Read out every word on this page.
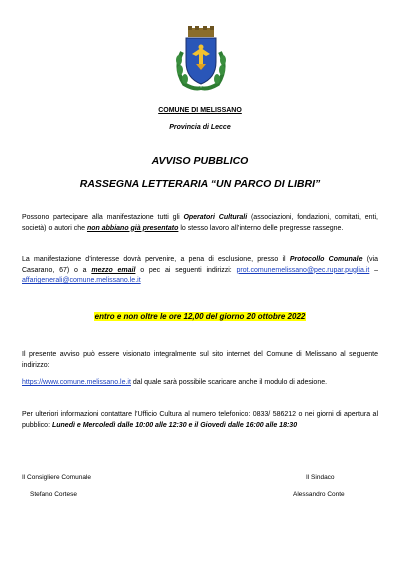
COMUNE DI MELISSANO
Provincia di Lecce
AVVISO PUBBLICO
RASSEGNA LETTERARIA “UN PARCO DI LIBRI”
Possono partecipare alla manifestazione tutti gli Operatori Culturali (associazioni, fondazioni, comitati, enti, società) o autori che non abbiano già presentato lo stesso lavoro all’interno delle pregresse rassegne.
La manifestazione d’interesse dovrà pervenire, a pena di esclusione, presso il Protocollo Comunale (via Casarano, 67) o a mezzo email o pec ai seguenti indirizzi: prot.comunemelissano@pec.rupar.puglia.it – affarigenerali@comune.melissano.le.it
entro e non oltre le ore 12,00 del giorno 20 ottobre 2022
Il presente avviso può essere visionato integralmente sul sito internet del Comune di Melissano al seguente indirizzo:
https://www.comune.melissano.le.it dal quale sarà possibile scaricare anche il modulo di adesione.
Per ulteriori informazioni contattare l’Ufficio Cultura al numero telefonico: 0833/ 586212 o nei giorni di apertura al pubblico: Lunedì e Mercoledì dalle 10:00 alle 12:30 e il Giovedì dalle 16:00 alle 18:30
Il Consigliere Comunale
Stefano Cortese
Il Sindaco
Alessandro Conte
